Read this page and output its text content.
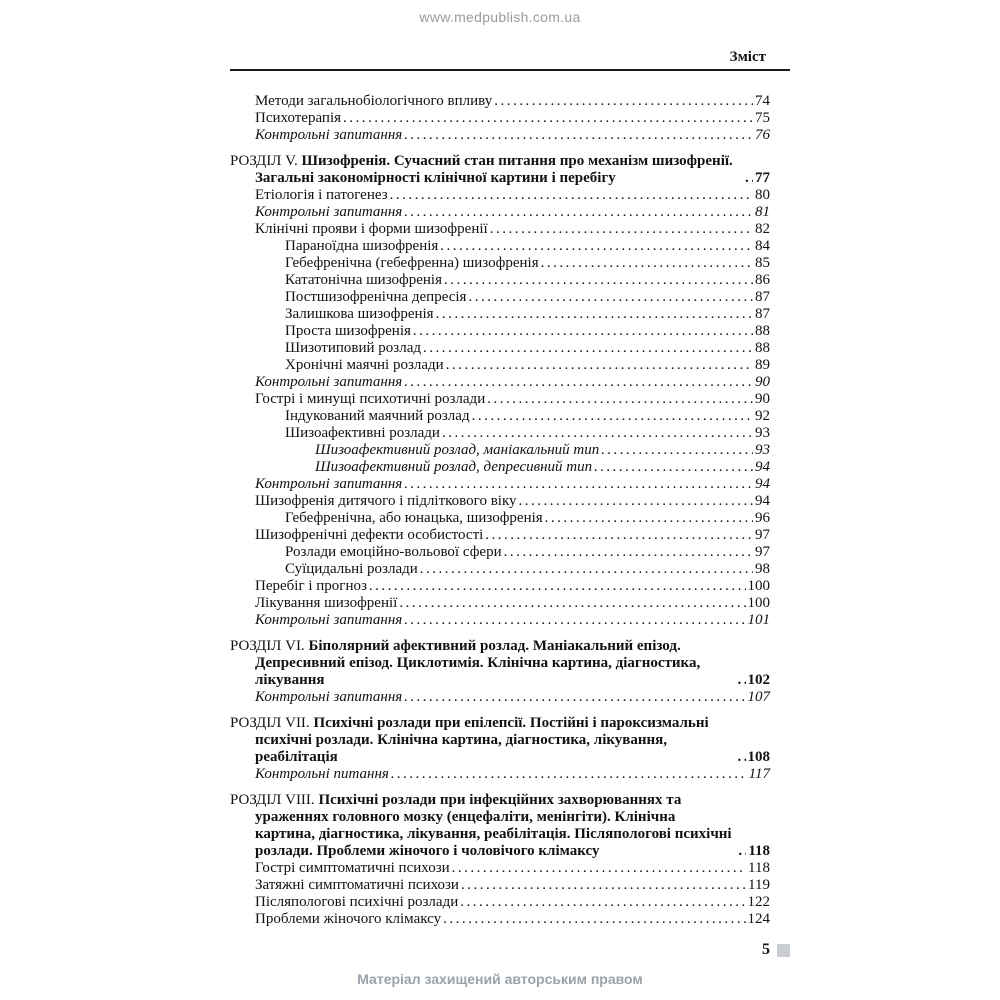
www.medpublish.com.ua
Зміст
Методи загальнобіологічного впливу .....	74
Психотерапія .....	75
Контрольні запитання .....	76
РОЗДІЛ V. Шизофренія. Сучасний стан питання про механізм шизофренії. Загальні закономірності клінічної картини і перебігу .....	77
Етіологія і патогенез .....	80
Контрольні запитання .....	81
Клінічні прояви і форми шизофренії .....	82
Параноїдна шизофренія .....	84
Гебефренічна (гебефренна) шизофренія .....	85
Кататонічна шизофренія .....	86
Постшизофренічна депресія .....	87
Залишкова шизофренія .....	87
Проста шизофренія .....	88
Шизотиповий розлад .....	88
Хронічні маячні розлади .....	89
Контрольні запитання .....	90
Гострі і минущі психотичні розлади .....	90
Індукований маячний розлад .....	92
Шизоафективні розлади .....	93
Шизоафективний розлад, маніакальний тип .....	93
Шизоафективний розлад, депресивний тип .....	94
Контрольні запитання .....	94
Шизофренія дитячого і підліткового віку .....	94
Гебефренічна, або юнацька, шизофренія .....	96
Шизофренічні дефекти особистості .....	97
Розлади емоційно-вольової сфери .....	97
Суїцидальні розлади .....	98
Перебіг і прогноз .....	100
Лікування шизофренії .....	100
Контрольні запитання .....	101
РОЗДІЛ VI. Біполярний афективний розлад. Маніакальний епізод. Депресивний епізод. Циклотимія. Клінічна картина, діагностика, лікування .....	102
Контрольні запитання .....	107
РОЗДІЛ VII. Психічні розлади при епілепсії. Постійні і пароксизмальні психічні розлади. Клінічна картина, діагностика, лікування, реабілітація .....	108
Контрольні питання .....	117
РОЗДІЛ VIII. Психічні розлади при інфекційних захворюваннях та ураженнях головного мозку (енцефаліти, менінгіти). Клінічна картина, діагностика, лікування, реабілітація. Післяпологові психічні розлади. Проблеми жіночого і чоловічого клімаксу .....	118
Гострі симптоматичні психози .....	118
Затяжні симптоматичні психози .....	119
Післяпологові психічні розлади .....	122
Проблеми жіночого клімаксу .....	124
5
Матеріал захищений авторським правом
